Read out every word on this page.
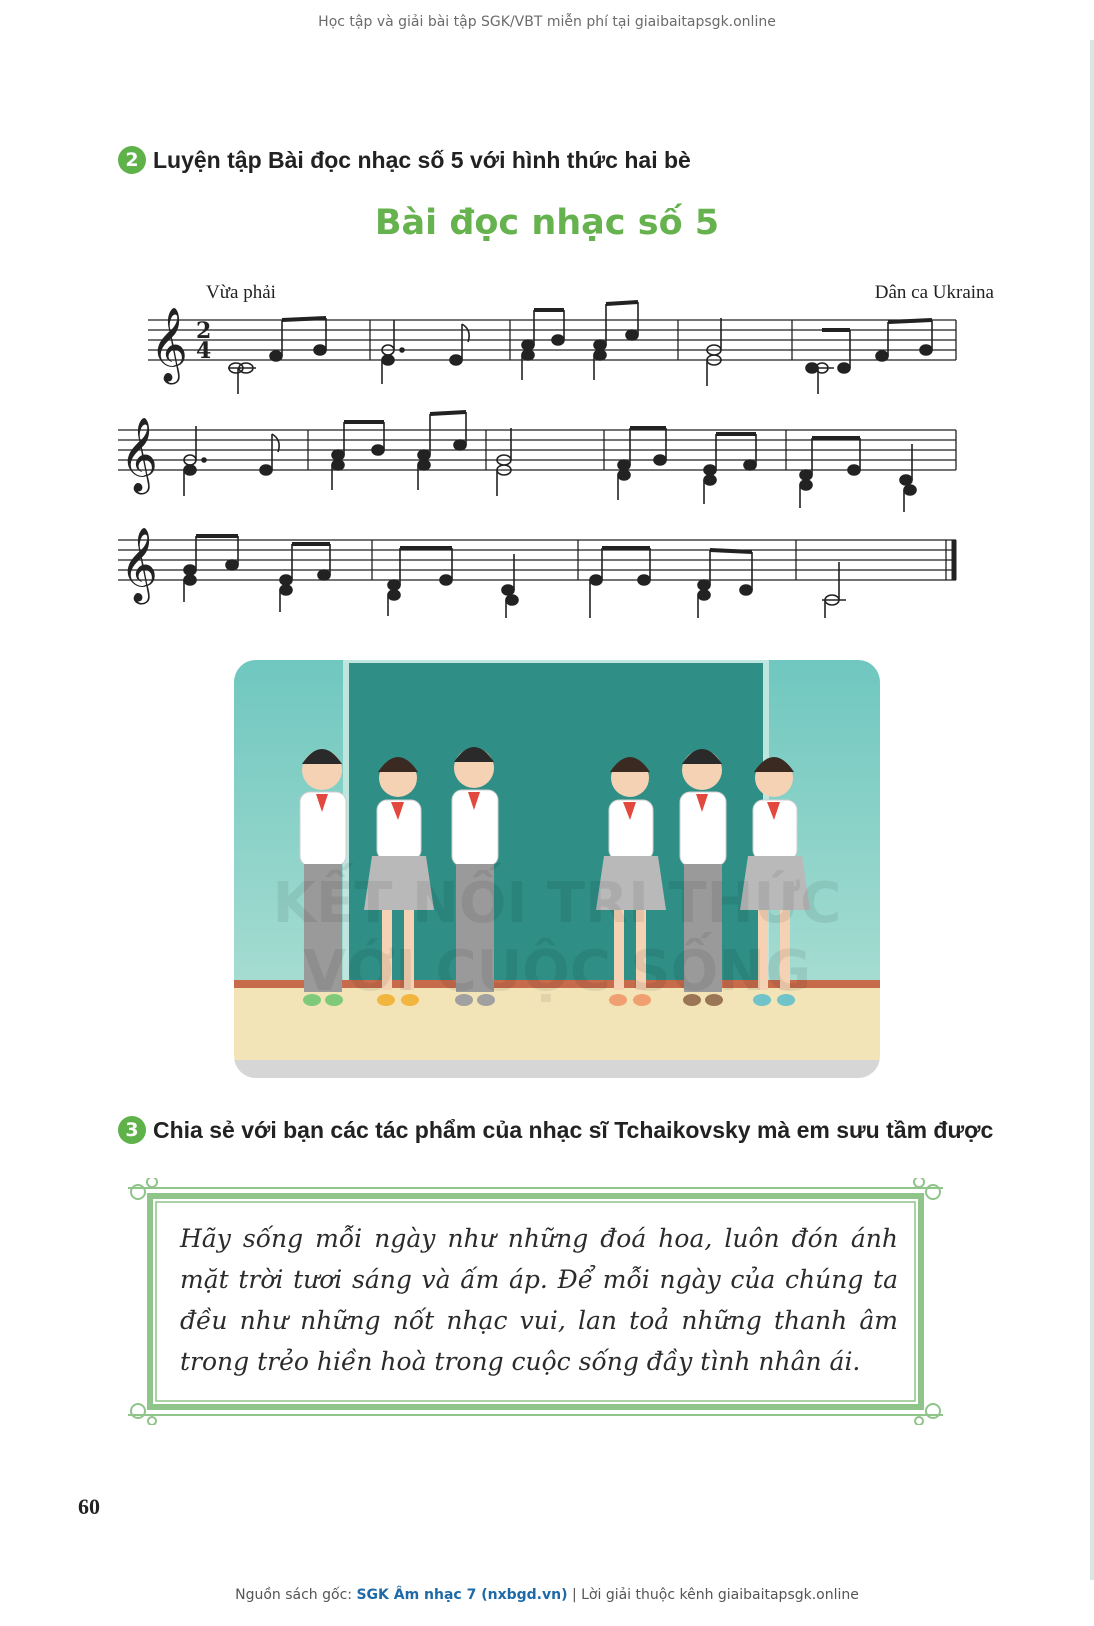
Học tập và giải bài tập SGK/VBT miễn phí tại giaibaitapsgk.online
2 Luyện tập Bài đọc nhạc số 5 với hình thức hai bè
Bài đọc nhạc số 5
Vừa phải	Dân ca Ukraina
𝄞
𝄞
𝄞
2
4
KẾT NỐI TRI THỨC
VỚI CUỘC SỐNG
3 Chia sẻ với bạn các tác phẩm của nhạc sĩ Tchaikovsky mà em sưu tầm được
Hãy sống mỗi ngày như những đoá hoa, luôn đón ánh mặt trời tươi sáng và ấm áp. Để mỗi ngày của chúng ta đều như những nốt nhạc vui, lan toả những thanh âm trong trẻo hiền hoà trong cuộc sống đầy tình nhân ái.
60
Nguồn sách gốc: SGK Âm nhạc 7 (nxbgd.vn) | Lời giải thuộc kênh giaibaitapsgk.online
